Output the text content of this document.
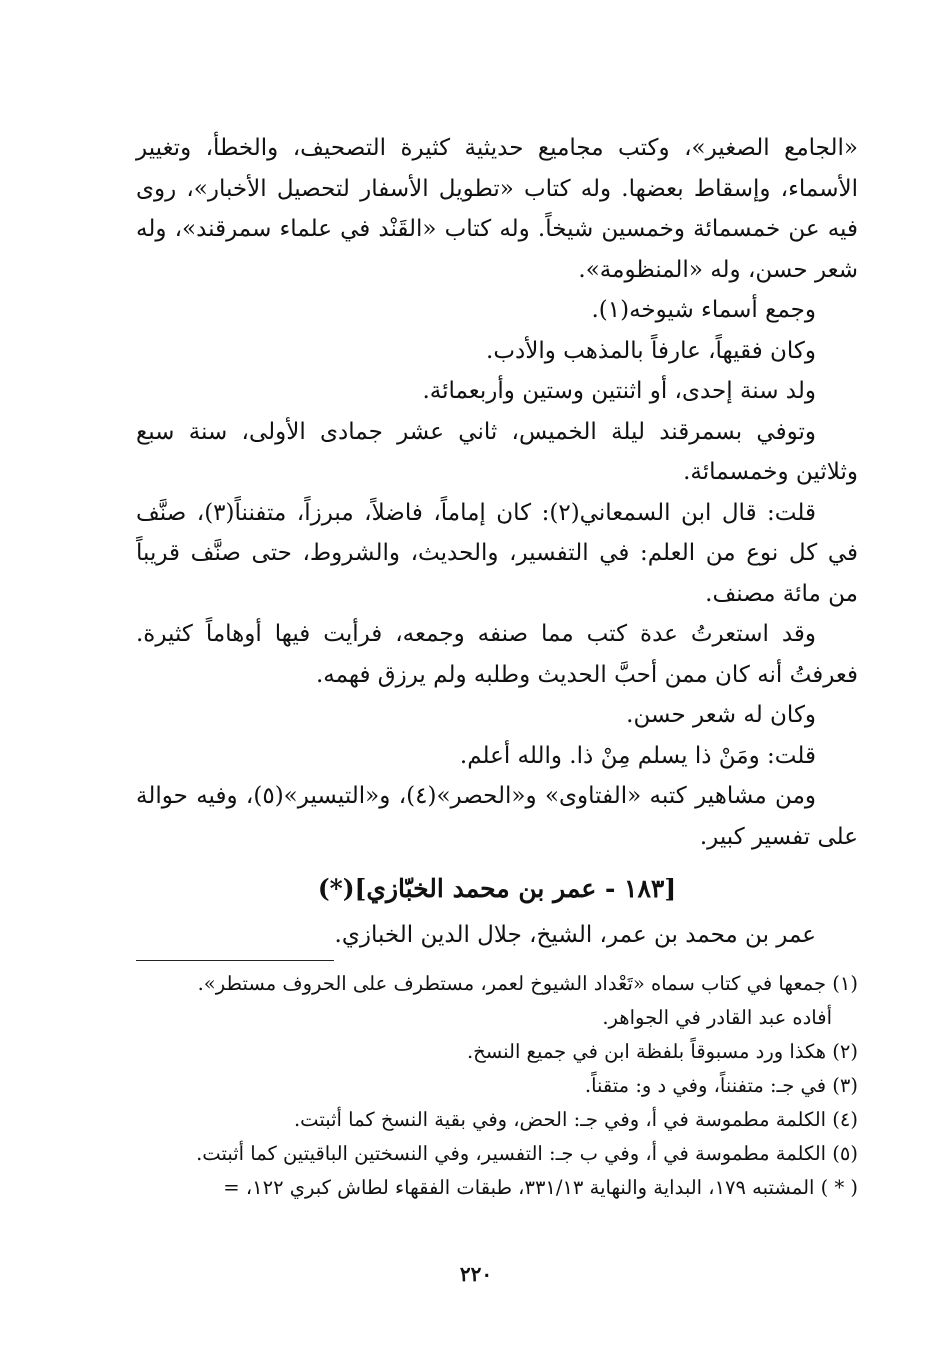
«الجامع الصغير»، وكتب مجاميع حديثية كثيرة التصحيف، والخطأ، وتغيير الأسماء، وإسقاط بعضها. وله كتاب «تطويل الأسفار لتحصيل الأخبار»، روى فيه عن خمسمائة وخمسين شيخاً. وله كتاب «القَنْد في علماء سمرقند»، وله شعر حسن، وله «المنظومة».

وجمع أسماء شيوخه(١).

وكان فقيهاً، عارفاً بالمذهب والأدب.

ولد سنة إحدى، أو اثنتين وستين وأربعمائة.

وتوفي بسمرقند ليلة الخميس، ثاني عشر جمادى الأولى، سنة سبع وثلاثين وخمسمائة.

قلت: قال ابن السمعاني(٢): كان إماماً، فاضلاً، مبرزاً، متفنناً(٣)، صنَّف في كل نوع من العلم: في التفسير، والحديث، والشروط، حتى صنَّف قريباً من مائة مصنف.

وقد استعرتُ عدة كتب مما صنفه وجمعه، فرأيت فيها أوهاماً كثيرة. فعرفتُ أنه كان ممن أحبَّ الحديث وطلبه ولم يرزق فهمه.

وكان له شعر حسن.

قلت: ومَنْ ذا يسلم مِنْ ذا. والله أعلم.

ومن مشاهير كتبه «الفتاوى» و«الحصر»(٤)، و«التيسير»(٥)، وفيه حوالة على تفسير كبير.

[١٨٣ - عمر بن محمد الخبّازي](*)

عمر بن محمد بن عمر، الشيخ، جلال الدين الخبازي.

(١) جمعها في كتاب سماه «تَعْداد الشيوخ لعمر، مستطرف على الحروف مستطر».

أفاده عبد القادر في الجواهر.

(٢) هكذا ورد مسبوقاً بلفظة ابن في جميع النسخ.

(٣) في جـ: متفنناً، وفي د و: متقناً.

(٤) الكلمة مطموسة في أ، وفي جـ: الحض، وفي بقية النسخ كما أثبتت.

(٥) الكلمة مطموسة في أ، وفي ب جـ: التفسير، وفي النسختين الباقيتين كما أثبتت.

( * ) المشتبه ١٧٩، البداية والنهاية ٣٣١/١٣، طبقات الفقهاء لطاش كبري ١٢٢، =

٢٢٠
